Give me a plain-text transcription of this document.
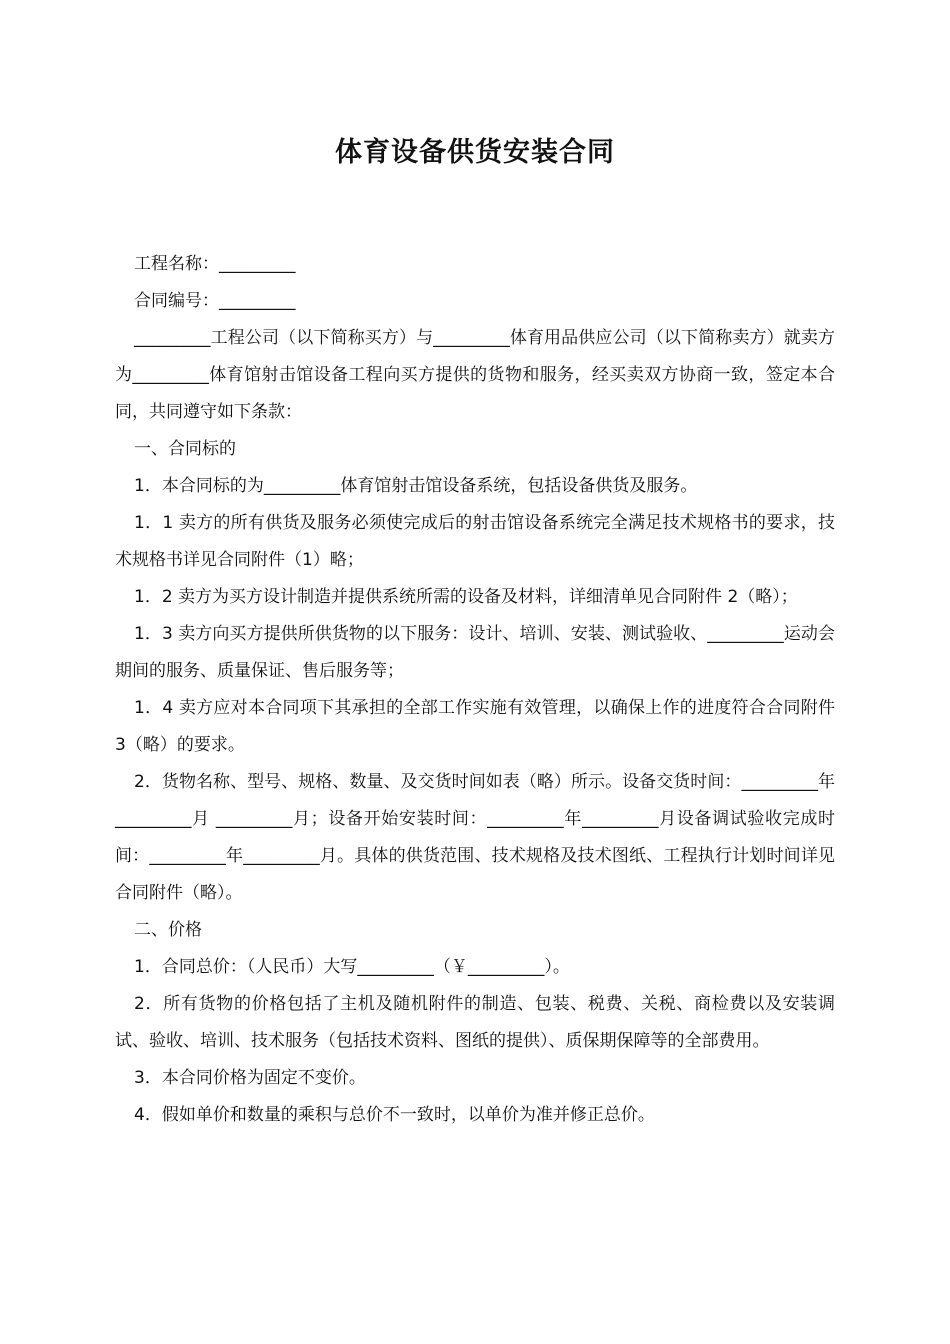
体育设备供货安装合同

工程名称：_________

合同编号：_________

_________工程公司（以下简称买方）与_________体育用品供应公司（以下简称卖方）就卖方为_________体育馆射击馆设备工程向买方提供的货物和服务，经买卖双方协商一致，签定本合同，共同遵守如下条款：

一、合同标的

1．本合同标的为_________体育馆射击馆设备系统，包括设备供货及服务。

1．1 卖方的所有供货及服务必须使完成后的射击馆设备系统完全满足技术规格书的要求，技术规格书详见合同附件（1）略；

1．2 卖方为买方设计制造并提供系统所需的设备及材料，详细清单见合同附件 2（略）；

1．3 卖方向买方提供所供货物的以下服务：设计、培训、安装、测试验收、_________运动会期间的服务、质量保证、售后服务等；

1．4 卖方应对本合同项下其承担的全部工作实施有效管理，以确保上作的进度符合合同附件 3（略）的要求。

2．货物名称、型号、规格、数量、及交货时间如表（略）所示。设备交货时间：_________年_________月 _________月；设备开始安装时间：_________年_________月设备调试验收完成时间：_________年_________月。具体的供货范围、技术规格及技术图纸、工程执行计划时间详见合同附件（略）。

二、价格

1．合同总价：（人民币）大写_________（￥_________）。

2．所有货物的价格包括了主机及随机附件的制造、包装、税费、关税、商检费以及安装调试、验收、培训、技术服务（包括技术资料、图纸的提供）、质保期保障等的全部费用。

3．本合同价格为固定不变价。

4．假如单价和数量的乘积与总价不一致时，以单价为准并修正总价。
